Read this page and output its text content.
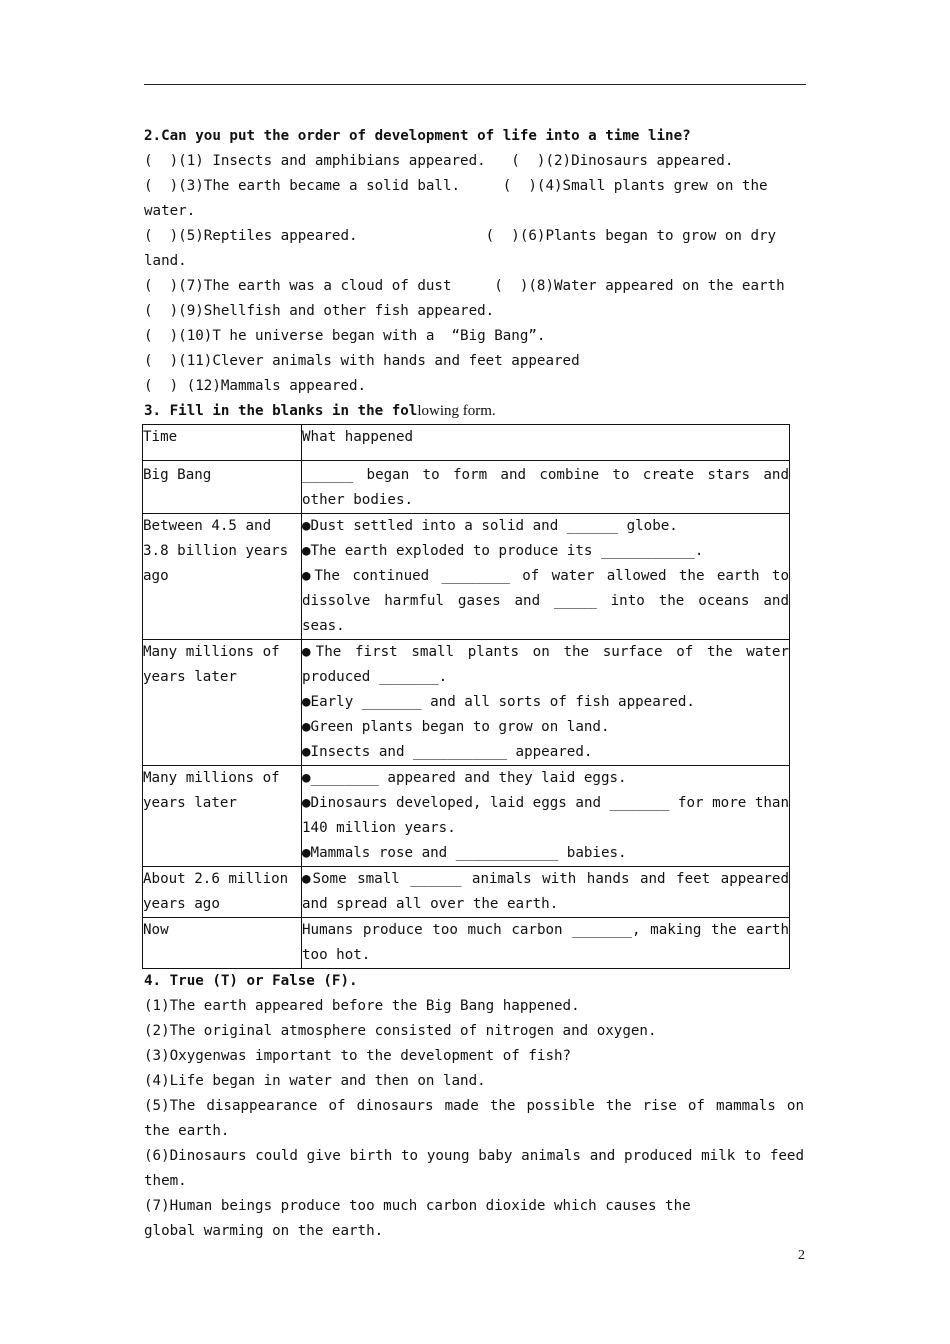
2.Can you put the order of development of life into a time line?

(  )(1) Insects and amphibians appeared.   (  )(2)Dinosaurs appeared.

(  )(3)The earth became a solid ball.     (  )(4)Small plants grew on the

water.

(  )(5)Reptiles appeared.               (  )(6)Plants began to grow on dry

land.

(  )(7)The earth was a cloud of dust     (  )(8)Water appeared on the earth

(  )(9)Shellfish and other fish appeared.

(  )(10)T he universe began with a  “Big Bang”.

(  )(11)Clever animals with hands and feet appeared

(  ) (12)Mammals appeared.

3. Fill in the blanks in the following form.

Time	What happened
Big Bang	______ began to form and combine to create stars and other bodies.

Between 4.5 and 3.8 billion years ago	●Dust settled into a solid and ______ globe.
●The earth exploded to produce its ___________.
●The continued ________ of water allowed the earth to dissolve harmful gases and _____ into the oceans and seas.

Many millions of years later	●The first small plants on the surface of the water produced _______.
●Early _______ and all sorts of fish appeared.
●Green plants began to grow on land.
●Insects and ___________ appeared.

Many millions of years later	●________ appeared and they laid eggs.
●Dinosaurs developed, laid eggs and _______ for more than 140 million years.
●Mammals rose and ____________ babies.

About 2.6 million years ago	●Some small ______ animals with hands and feet appeared and spread all over the earth.

Now	Humans produce too much carbon _______, making the earth too hot.

4. True (T) or False (F).

(1)The earth appeared before the Big Bang happened.

(2)The original atmosphere consisted of nitrogen and oxygen.

(3)Oxygenwas important to the development of fish?

(4)Life began in water and then on land.

(5)The disappearance of dinosaurs made the possible the rise of mammals on the earth.

(6)Dinosaurs could give birth to young baby animals and produced milk to feed them.

(7)Human beings produce too much carbon dioxide which causes the global warming on the earth.

2
